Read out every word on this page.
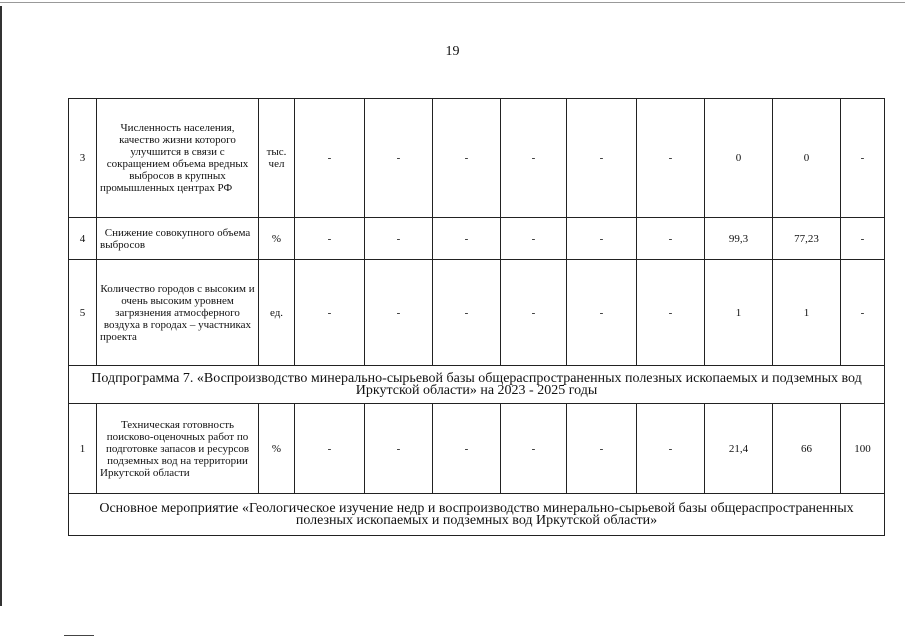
19
3	Численность населения, качество жизни которого улучшится в связи с сокращением объема вредных выбросов в крупных промышленных центрах РФ	тыс. чел	-	-	-	-	-	-	0	0	-
4	Снижение совокупного объема выбросов	%	-	-	-	-	-	-	99,3	77,23	-
5	Количество городов с высоким и очень высоким уровнем загрязнения атмосферного воздуха в городах – участниках проекта	ед.	-	-	-	-	-	-	1	1	-
Подпрограмма 7. «Воспроизводство минерально-сырьевой базы общераспространенных полезных ископаемых и подземных вод Иркутской области» на 2023 - 2025 годы											
1	Техническая готовность поисково-оценочных работ по подготовке запасов и ресурсов подземных вод на территории Иркутской области	%	-	-	-	-	-	-	21,4	66	100
Основное мероприятие «Геологическое изучение недр и воспроизводство минерально-сырьевой базы общераспространенных полезных ископаемых и подземных вод Иркутской области»											
